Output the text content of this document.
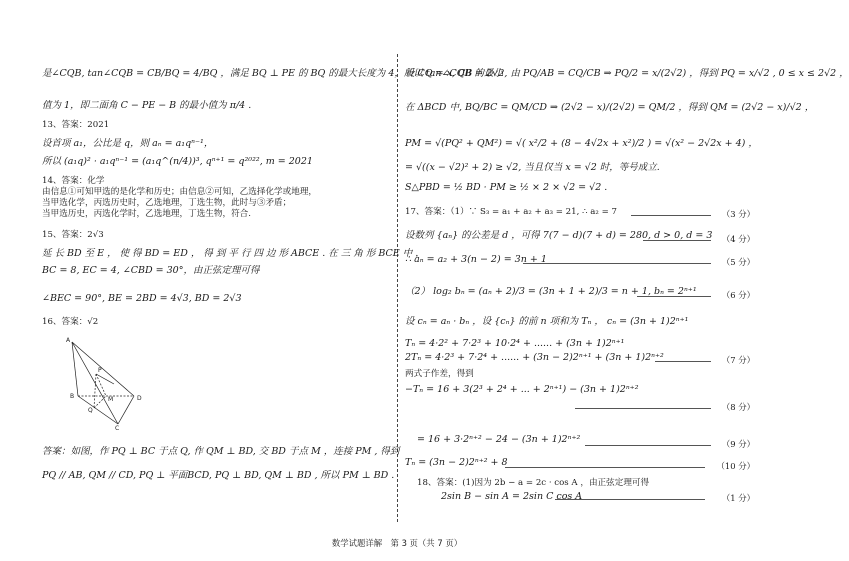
是∠CQB, tan∠CQB = CB/BQ = 4/BQ ，满足 BQ ⊥ PE 的 BQ 的最大长度为 4，所以 tan∠CQB 的最小
值为 1，即二面角 C − PE − B 的最小值为 π/4 .
13、答案：2021
设首项 a₁，公比是 q，则 aₙ = a₁qⁿ⁻¹，
所以 (a₁q)² · a₁qⁿ⁻¹ = (a₁q^(n/4))³, qⁿ⁺¹ = q²⁰²², m = 2021
14、答案：化学
由信息①可知甲选的是化学和历史；由信息②可知，乙选择化学或地理，
当甲选化学，丙选历史时，乙选地理，丁选生物，此时与③矛盾；
当甲选历史，丙选化学时，乙选地理，丁选生物，符合.
15、答案：2√3
延 长 BD 至 E ， 使 得 BD = ED ， 得 到 平 行 四 边 形 ABCE . 在 三 角 形 BCE 中 ，
BC = 8, EC = 4, ∠CBD = 30°，由正弦定理可得
∠BEC = 90°, BE = 2BD = 4√3, BD = 2√3
16、答案：√2
答案：如图，作 PQ ⊥ BC 于点 Q, 作 QM ⊥ BD, 交 BD 于点 M ，连接 PM , 得到
PQ // AB, QM // CD, PQ ⊥ 平面BCD, PQ ⊥ BD, QM ⊥ BD , 所以 PM ⊥ BD .
A
P
B	M	D
Q
C
设 CQ = x, CB = 2√2, 由 PQ/AB = CQ/CB ⇒ PQ/2 = x/(2√2) ，得到 PQ = x/√2 , 0 ≤ x ≤ 2√2 ，
在 ΔBCD 中, BQ/BC = QM/CD ⇒ (2√2 − x)/(2√2) = QM/2 ，得到 QM = (2√2 − x)/√2 ，
PM = √(PQ² + QM²) = √( x²/2 + (8 − 4√2x + x²)/2 ) = √(x² − 2√2x + 4) ，
= √((x − √2)² + 2) ≥ √2, 当且仅当 x = √2 时，等号成立.
S△PBD = ½ BD · PM ≥ ½ × 2 × √2 = √2 .
17、答案：（1）∵ S₃ = a₁ + a₂ + a₃ = 21, ∴ a₂ = 7	（3 分）
设数列 {aₙ} 的公差是 d ，可得 7(7 − d)(7 + d) = 280, d > 0, d = 3 （4 分）
∴ aₙ = a₂ + 3(n − 2) = 3n + 1	（5 分）
（2） log₂ bₙ = (aₙ + 2)/3 = (3n + 1 + 2)/3 = n + 1, bₙ = 2ⁿ⁺¹	（6 分）
设 cₙ = aₙ · bₙ ，设 {cₙ} 的前 n 项和为 Tₙ ， cₙ = (3n + 1)2ⁿ⁺¹
Tₙ = 4·2² + 7·2³ + 10·2⁴ + ...... + (3n + 1)2ⁿ⁺¹
2Tₙ = 4·2³ + 7·2⁴ + ...... + (3n − 2)2ⁿ⁺¹ + (3n + 1)2ⁿ⁺²	（7 分）
两式子作差，得到
−Tₙ = 16 + 3(2³ + 2⁴ + ... + 2ⁿ⁺¹) − (3n + 1)2ⁿ⁺²
（8 分）
= 16 + 3·2ⁿ⁺² − 24 − (3n + 1)2ⁿ⁺²	（9 分）
Tₙ = (3n − 2)2ⁿ⁺² + 8	（10 分）
18、答案：(1)因为 2b − a = 2c · cos A ，由正弦定理可得
2sin B − sin A = 2sin C cos A	（1 分）
数学试题详解　第 3 页（共 7 页）
